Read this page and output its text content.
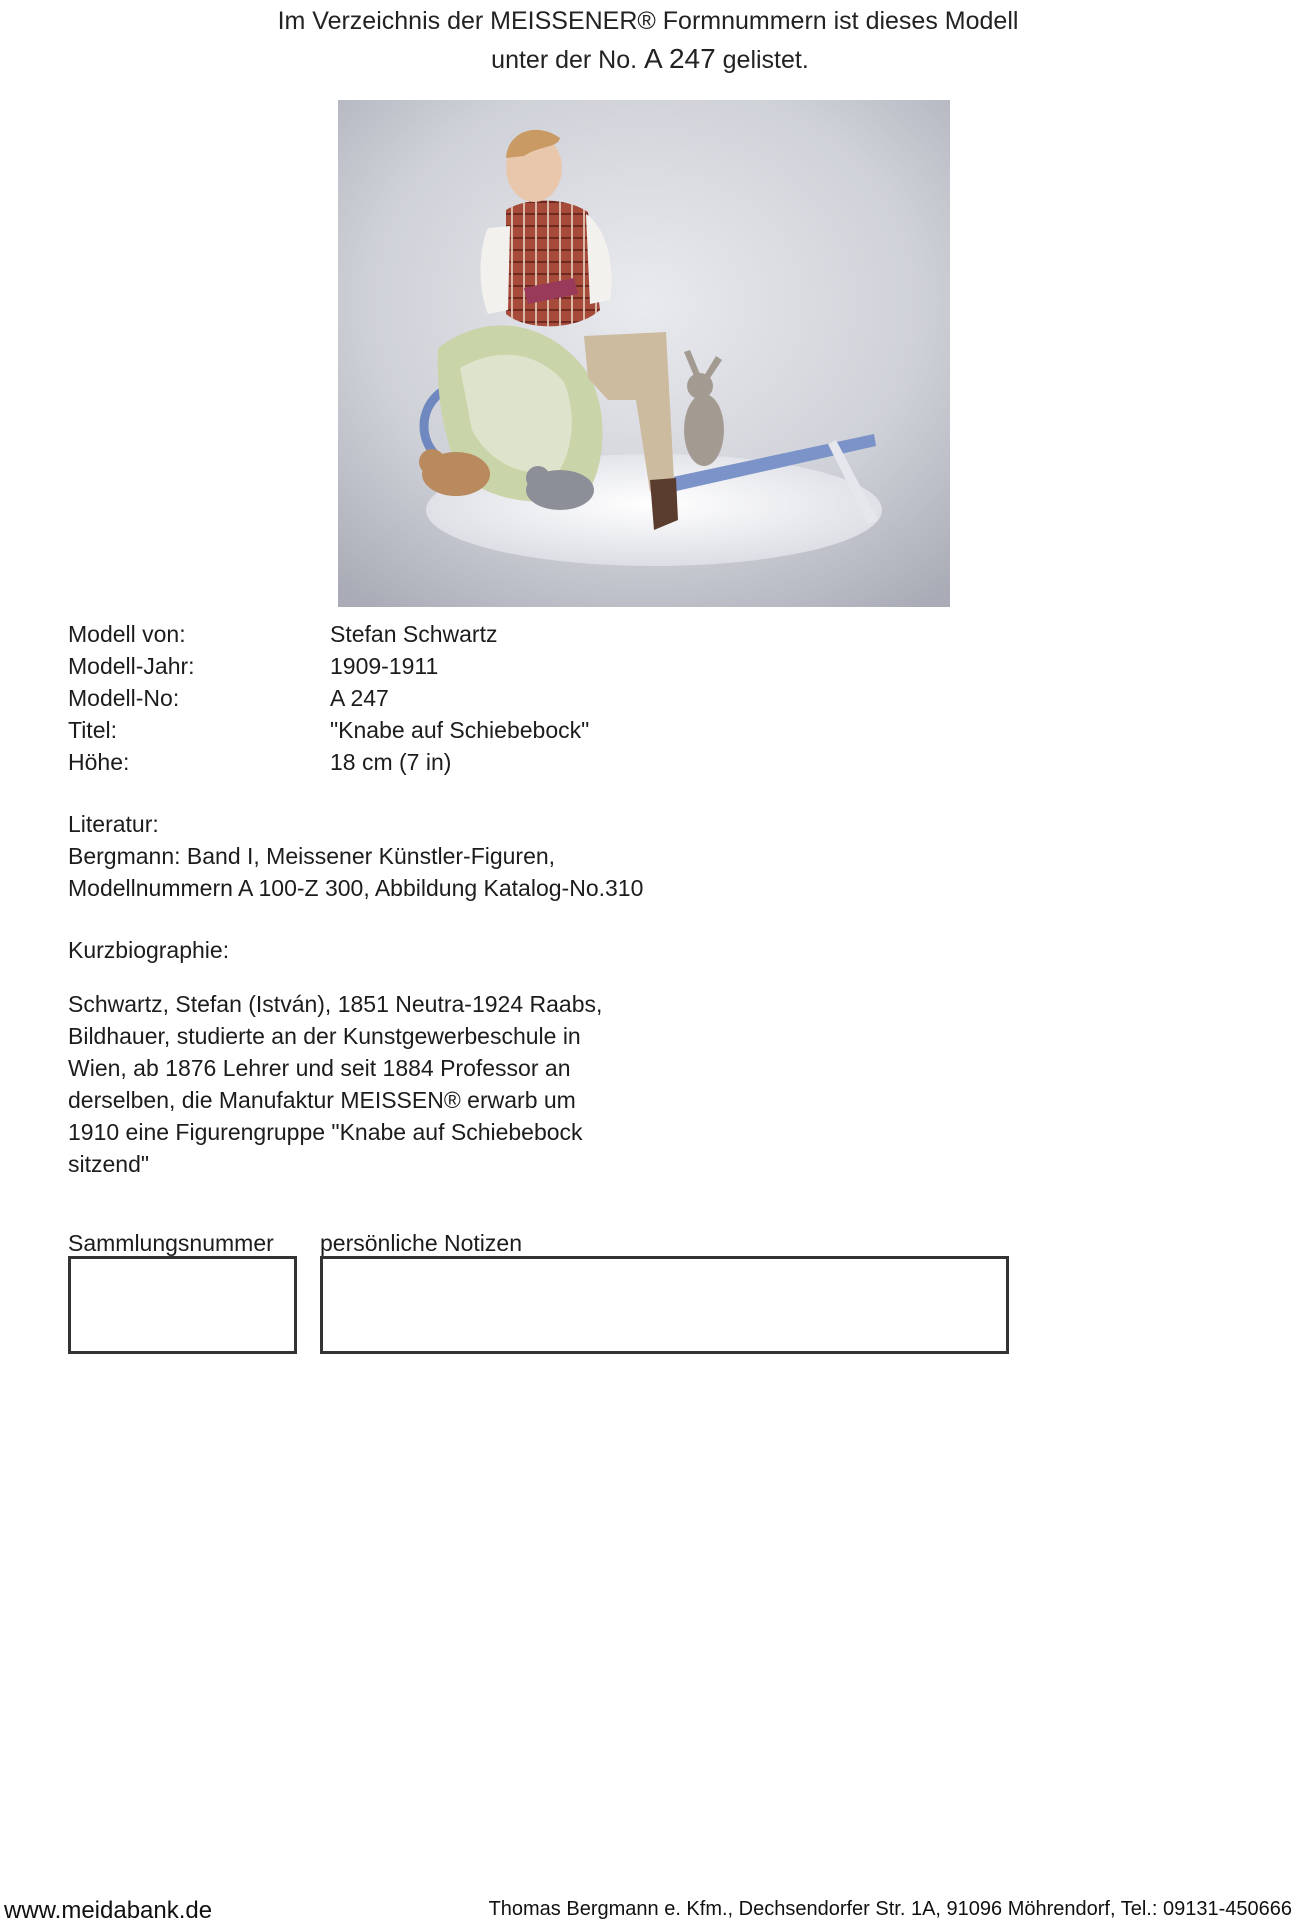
Im Verzeichnis der MEISSENER® Formnummern ist dieses Modell
unter der No. A 247 gelistet.
Modell von:	Stefan Schwartz
Modell-Jahr:	1909-1911
Modell-No:	A 247
Titel:	"Knabe auf Schiebebock"
Höhe:	18 cm (7 in)
Literatur:
Bergmann: Band I, Meissener Künstler-Figuren,
Modellnummern A 100-Z 300, Abbildung Katalog-No.310
Kurzbiographie:
Schwartz, Stefan (István), 1851 Neutra-1924 Raabs,
Bildhauer, studierte an der Kunstgewerbeschule in
Wien, ab 1876 Lehrer und seit 1884 Professor an
derselben, die Manufaktur MEISSEN® erwarb um
1910 eine Figurengruppe "Knabe auf Schiebebock
sitzend"
Sammlungsnummer persönliche Notizen
www.meidabank.de	Thomas Bergmann e. Kfm., Dechsendorfer Str. 1A, 91096 Möhrendorf, Tel.: 09131-450666
